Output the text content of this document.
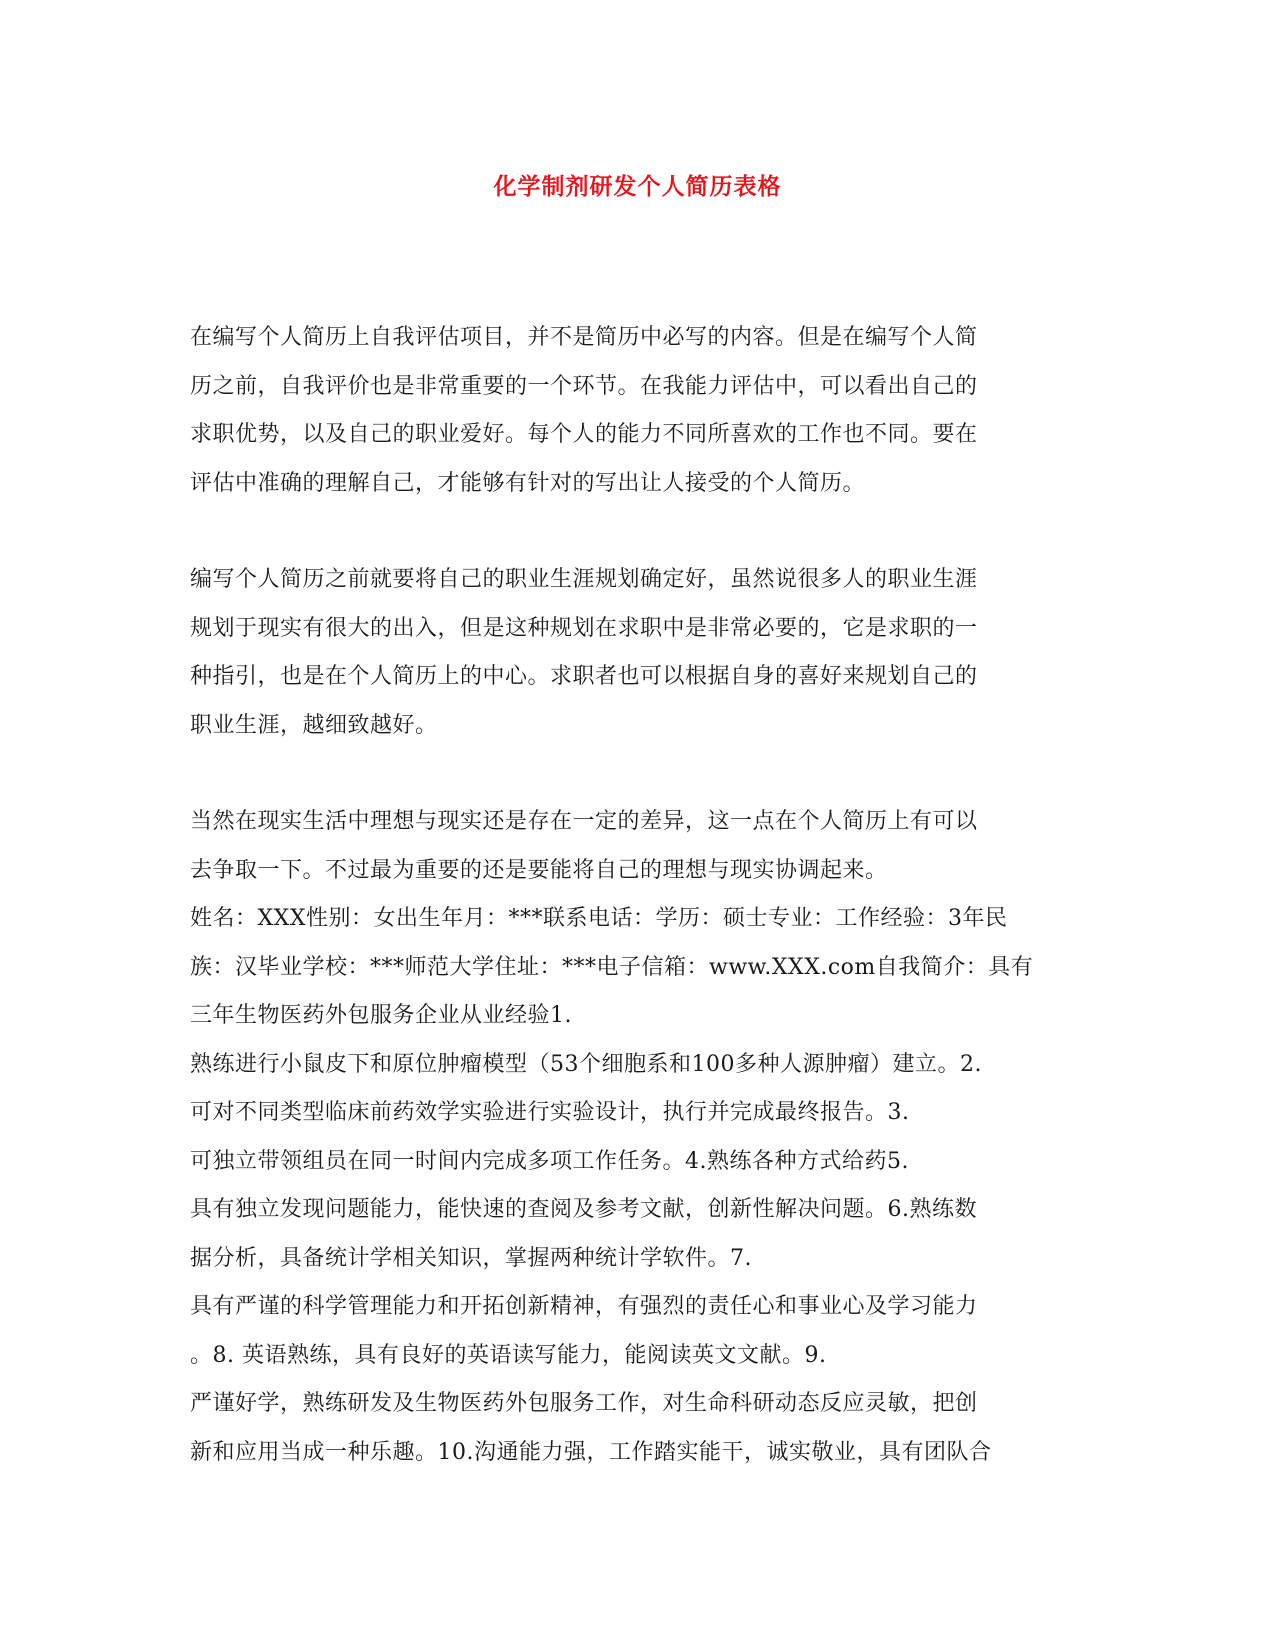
化学制剂研发个人简历表格
在编写个人简历上自我评估项目，并不是简历中必写的内容。但是在编写个人简
历之前，自我评价也是非常重要的一个环节。在我能力评估中，可以看出自己的
求职优势，以及自己的职业爱好。每个人的能力不同所喜欢的工作也不同。要在
评估中准确的理解自己，才能够有针对的写出让人接受的个人简历。
编写个人简历之前就要将自己的职业生涯规划确定好，虽然说很多人的职业生涯
规划于现实有很大的出入，但是这种规划在求职中是非常必要的，它是求职的一
种指引，也是在个人简历上的中心。求职者也可以根据自身的喜好来规划自己的
职业生涯，越细致越好。
当然在现实生活中理想与现实还是存在一定的差异，这一点在个人简历上有可以
去争取一下。不过最为重要的还是要能将自己的理想与现实协调起来。
姓名：XXX性别：女出生年月：***联系电话：学历：硕士专业：工作经验：3年民
族：汉毕业学校：***师范大学住址：***电子信箱：www.XXX.com自我简介：具有
三年生物医药外包服务企业从业经验1.
熟练进行小鼠皮下和原位肿瘤模型（53个细胞系和100多种人源肿瘤）建立。2.
可对不同类型临床前药效学实验进行实验设计，执行并完成最终报告。3.
可独立带领组员在同一时间内完成多项工作任务。4.熟练各种方式给药5.
具有独立发现问题能力，能快速的查阅及参考文献，创新性解决问题。6.熟练数
据分析，具备统计学相关知识，掌握两种统计学软件。7.
具有严谨的科学管理能力和开拓创新精神，有强烈的责任心和事业心及学习能力
。8. 英语熟练，具有良好的英语读写能力，能阅读英文文献。9.
严谨好学，熟练研发及生物医药外包服务工作，对生命科研动态反应灵敏，把创
新和应用当成一种乐趣。10.沟通能力强，工作踏实能干，诚实敬业，具有团队合
